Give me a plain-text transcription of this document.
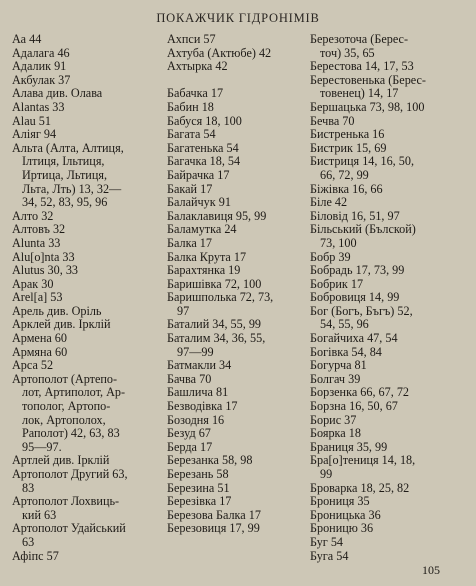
ПОКАЖЧИК ГІДРОНІМІВ
Аа 44
Адалага 46
Адалик 91
Акбулак 37
Алава див. Олава
Alantas 33
Alau 51
Аліяг 94
Альта (Алта, Алтиця,
Ілтиця, Ільтиця,
Иртица, Льтиця,
Льта, Лть) 13, 32—
34, 52, 83, 95, 96
Алто 32
Алтовъ 32
Alunta 33
Alu[o]nta 33
Alutus 30, 33
Арак 30
Arel[a] 53
Арель див. Оріль
Арклей див. Ірклій
Армена 60
Армяна 60
Арса 52
Артополот (Артепо-
лот, Артиполот, Ар-
тополог, Артопо-
лок, Артополох,
Раполот) 42, 63, 83
95—97.
Артлей див. Ірклій
Артополот Другий 63,
83
Артополот Лохвиць-
кий 63
Артополот Удайський
63
Афіпс 57
Ахпси 57
Ахтуба (Актюбе) 42
Ахтырка 42

Бабачка 17
Бабин 18
Бабуся 18, 100
Багата 54
Багатенька 54
Багачка 18, 54
Байрачка 17
Бакай 17
Балайчук 91
Балаклавиця 95, 99
Баламутка 24
Балка 17
Балка Крута 17
Барахтянка 19
Баришівка 72, 100
Баришполька 72, 73,
97
Баталий 34, 55, 99
Баталим 34, 36, 55,
97—99
Батмакли 34
Бачва 70
Башлича 81
Безводівка 17
Бозодня 16
Безуд 67
Берда 17
Березанка 58, 98
Березань 58
Березина 51
Березівка 17
Березова Балка 17
Березовиця 17, 99
Березоточа (Берес-
точ) 35, 65
Берестова 14, 17, 53
Берестовенька (Берес-
товенец) 14, 17
Бершацька 73, 98, 100
Бечва 70
Бистренька 16
Бистрик 15, 69
Бистриця 14, 16, 50,
66, 72, 99
Біжівка 16, 66
Біле 42
Біловід 16, 51, 97
Більський (Бълской)
73, 100
Бобр 39
Бобрадь 17, 73, 99
Бобрик 17
Бобровиця 14, 99
Бог (Богъ, Бъгъ) 52,
54, 55, 96
Богайчиха 47, 54
Богівка 54, 84
Богурча 81
Болгач 39
Борзенка 66, 67, 72
Борзна 16, 50, 67
Борис 37
Боярка 18
Браниця 35, 99
Бра[о]тениця 14, 18,
99
Броварка 18, 25, 82
Брониця 35
Броницька 36
Броницю 36
Буг 54
Буга 54
105
